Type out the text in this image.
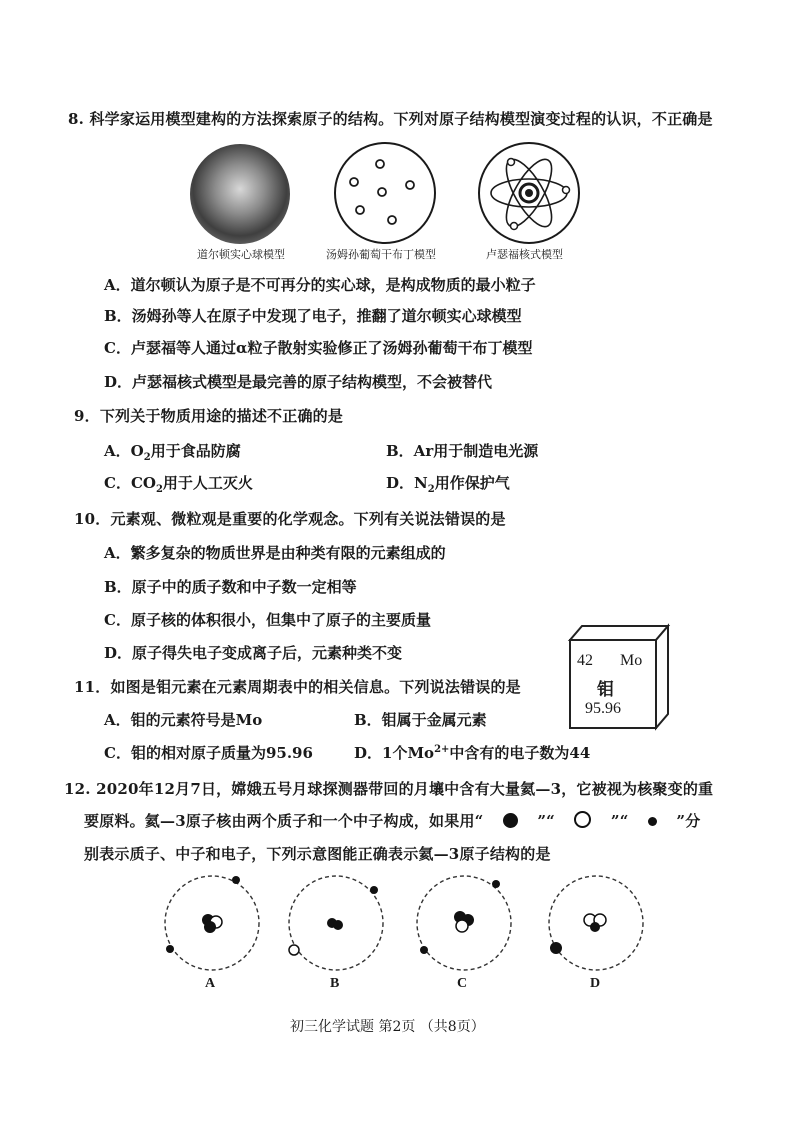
8. 科学家运用模型建构的方法探索原子的结构。下列对原子结构模型演变过程的认识，不正确是
道尔顿实心球模型	汤姆孙葡萄干布丁模型	卢瑟福核式模型
A．道尔顿认为原子是不可再分的实心球，是构成物质的最小粒子
B．汤姆孙等人在原子中发现了电子，推翻了道尔顿实心球模型
C．卢瑟福等人通过α粒子散射实验修正了汤姆孙葡萄干布丁模型
D．卢瑟福核式模型是最完善的原子结构模型，不会被替代
9．下列关于物质用途的描述不正确的是
A．$O_2$用于食品防腐	B．Ar用于制造电光源
C．$CO_2$用于人工灭火	D．$N_2$用作保护气
10．元素观、微粒观是重要的化学观念。下列有关说法错误的是
A．繁多复杂的物质世界是由种类有限的元素组成的
B．原子中的质子数和中子数一定相等
C．原子核的体积很小，但集中了原子的主要质量
D．原子得失电子变成离子后，元素种类不变	42 Mo
钼
95.96
11．如图是钼元素在元素周期表中的相关信息。下列说法错误的是
A．钼的元素符号是Mo	B．钼属于金属元素
C．钼的相对原子质量为95.96	D．1个$Mo^{2+}$中含有的电子数为44
12. 2020年12月7日，嫦娥五号月球探测器带回的月壤中含有大量氦—3，它被视为核聚变的重
要原料。氦—3原子核由两个质子和一个中子构成，如果用“	”“	”“	”分
别表示质子、中子和电子，下列示意图能正确表示氦—3原子结构的是
A	B	C	D
初三化学试题 第2页 （共8页）
